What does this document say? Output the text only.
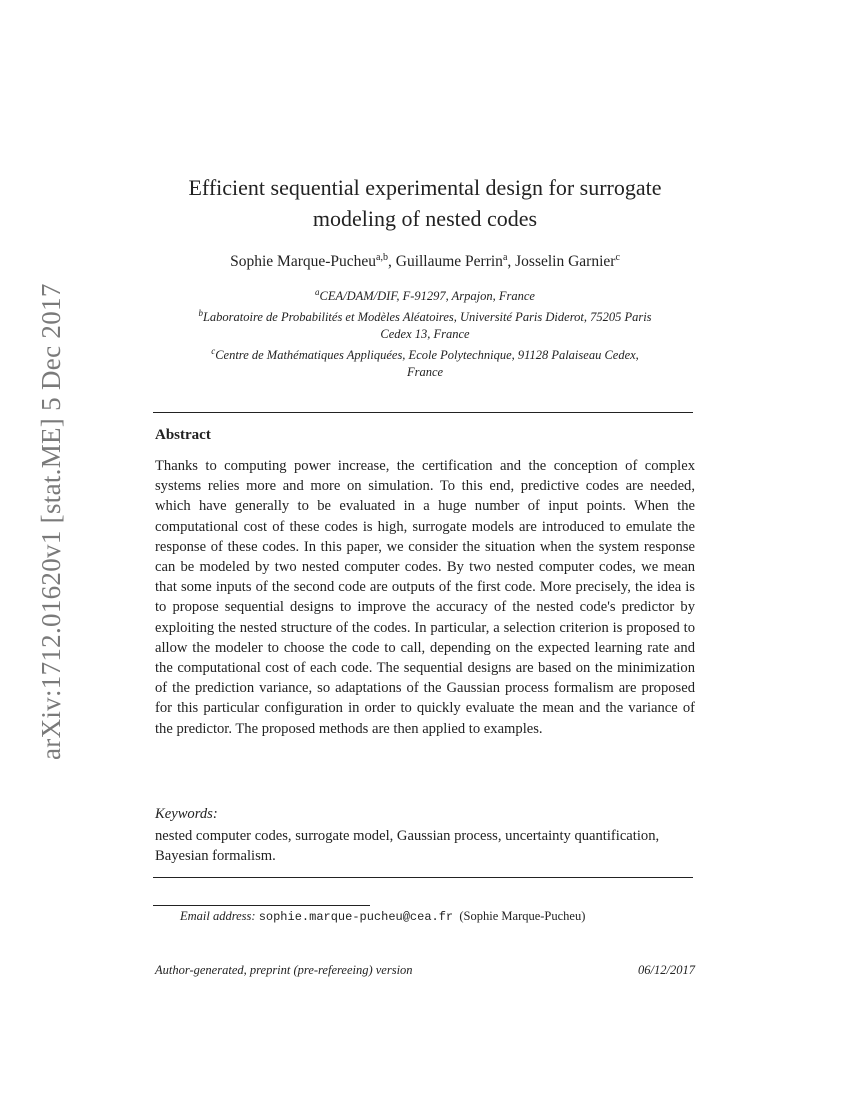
arXiv:1712.01620v1 [stat.ME] 5 Dec 2017
Efficient sequential experimental design for surrogate
modeling of nested codes
Sophie Marque-Pucheu$^{a,b}$, Guillaume Perrin$^a$, Josselin Garnier$^c$
$^a$CEA/DAM/DIF, F-91297, Arpajon, France
$^b$Laboratoire de Probabilités et Modèles Aléatoires, Université Paris Diderot, 75205 Paris
Cedex 13, France
$^c$Centre de Mathématiques Appliquées, Ecole Polytechnique, 91128 Palaiseau Cedex,
France
Abstract
Thanks to computing power increase, the certification and the conception of complex systems relies more and more on simulation. To this end, predictive codes are needed, which have generally to be evaluated in a huge number of input points. When the computational cost of these codes is high, surrogate models are introduced to emulate the response of these codes. In this paper, we consider the situation when the system response can be modeled by two nested computer codes. By two nested computer codes, we mean that some inputs of the second code are outputs of the first code. More precisely, the idea is to propose sequential designs to improve the accuracy of the nested code's predictor by exploiting the nested structure of the codes. In particular, a selection criterion is proposed to allow the modeler to choose the code to call, depending on the expected learning rate and the computational cost of each code. The sequential designs are based on the minimization of the prediction variance, so adaptations of the Gaussian process formalism are proposed for this particular configuration in order to quickly evaluate the mean and the variance of the predictor. The proposed methods are then applied to examples.
Keywords:
nested computer codes, surrogate model, Gaussian process, uncertainty quantification, Bayesian formalism.
Email address: sophie.marque-pucheu@cea.fr (Sophie Marque-Pucheu)
Author-generated, preprint (pre-refereeing) version	06/12/2017
